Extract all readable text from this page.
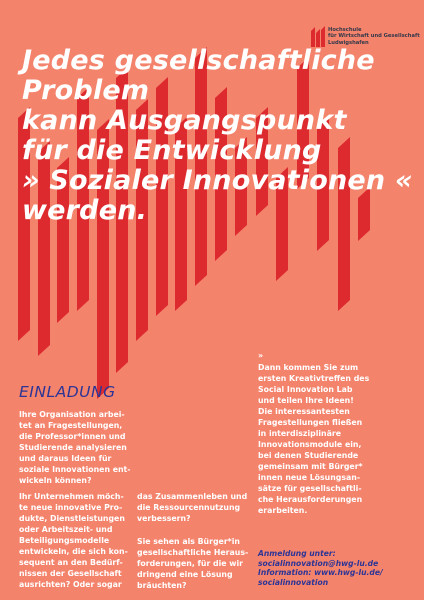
Hochschule
für Wirtschaft und Gesellschaft
Ludwigshafen
Jedes gesellschaftliche
Problem
kann Ausgangspunkt
für die Entwicklung
» Sozialer Innovationen «
werden.
EINLADUNG
Ihre Organisation arbei-
tet an Fragestellungen,
die Professor*innen und
Studierende analysieren
und daraus Ideen für
soziale Innovationen ent-
wickeln können?
Ihr Unternehmen möch-
te neue innovative Pro-
dukte, Dienstleistungen
oder Arbeitszeit- und
Beteiligungsmodelle
entwickeln, die sich kon-
sequent an den Bedürf-
nissen der Gesellschaft
ausrichten? Oder sogar
das Zusammenleben und
die Ressourcennutzung
verbessern?
Sie sehen als Bürger*in
gesellschaftliche Heraus-
forderungen, für die wir
dringend eine Lösung
bräuchten?
»
Dann kommen Sie zum
ersten Kreativtreffen des
Social Innovation Lab
und teilen Ihre Ideen!
Die interessantesten
Fragestellungen fließen
in interdisziplinäre
Innovationsmodule ein,
bei denen Studierende
gemeinsam mit Bürger*
innen neue Lösungsan-
sätze für gesellschaftli-
che Herausforderungen
erarbeiten.
Anmeldung unter:
socialinnovation@hwg-lu.de
Information: www.hwg-lu.de/
socialinnovation
